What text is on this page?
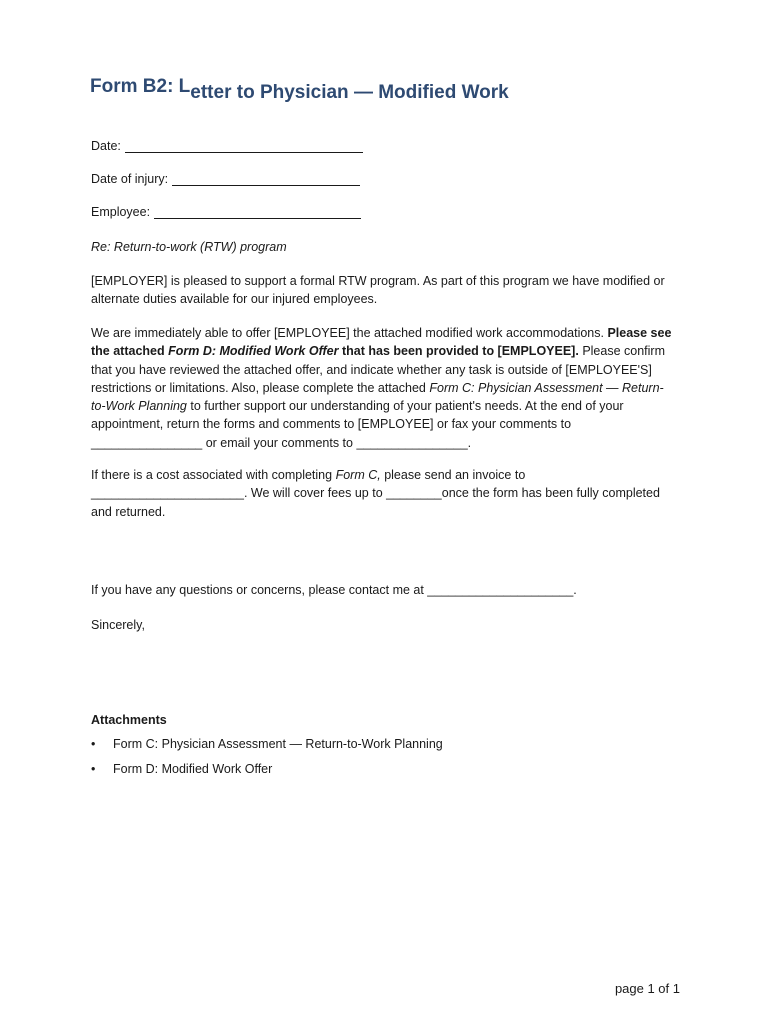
Form B2: Letter to Physician — Modified Work
Date:
Date of injury:
Employee:
Re: Return-to-work (RTW) program
[EMPLOYER] is pleased to support a formal RTW program. As part of this program we have modified or alternate duties available for our injured employees.
We are immediately able to offer [EMPLOYEE] the attached modified work accommodations. Please see the attached Form D: Modified Work Offer that has been provided to [EMPLOYEE]. Please confirm that you have reviewed the attached offer, and indicate whether any task is outside of [EMPLOYEE'S] restrictions or limitations. Also, please complete the attached Form C: Physician Assessment — Return-to-Work Planning to further support our understanding of your patient's needs. At the end of your appointment, return the forms and comments to [EMPLOYEE] or fax your comments to ________________ or email your comments to ________________.
If there is a cost associated with completing Form C, please send an invoice to ______________________. We will cover fees up to ________once the form has been fully completed and returned.
If you have any questions or concerns, please contact me at _____________________.
Sincerely,
Attachments
• Form C: Physician Assessment — Return-to-Work Planning
• Form D: Modified Work Offer
page 1 of 1
